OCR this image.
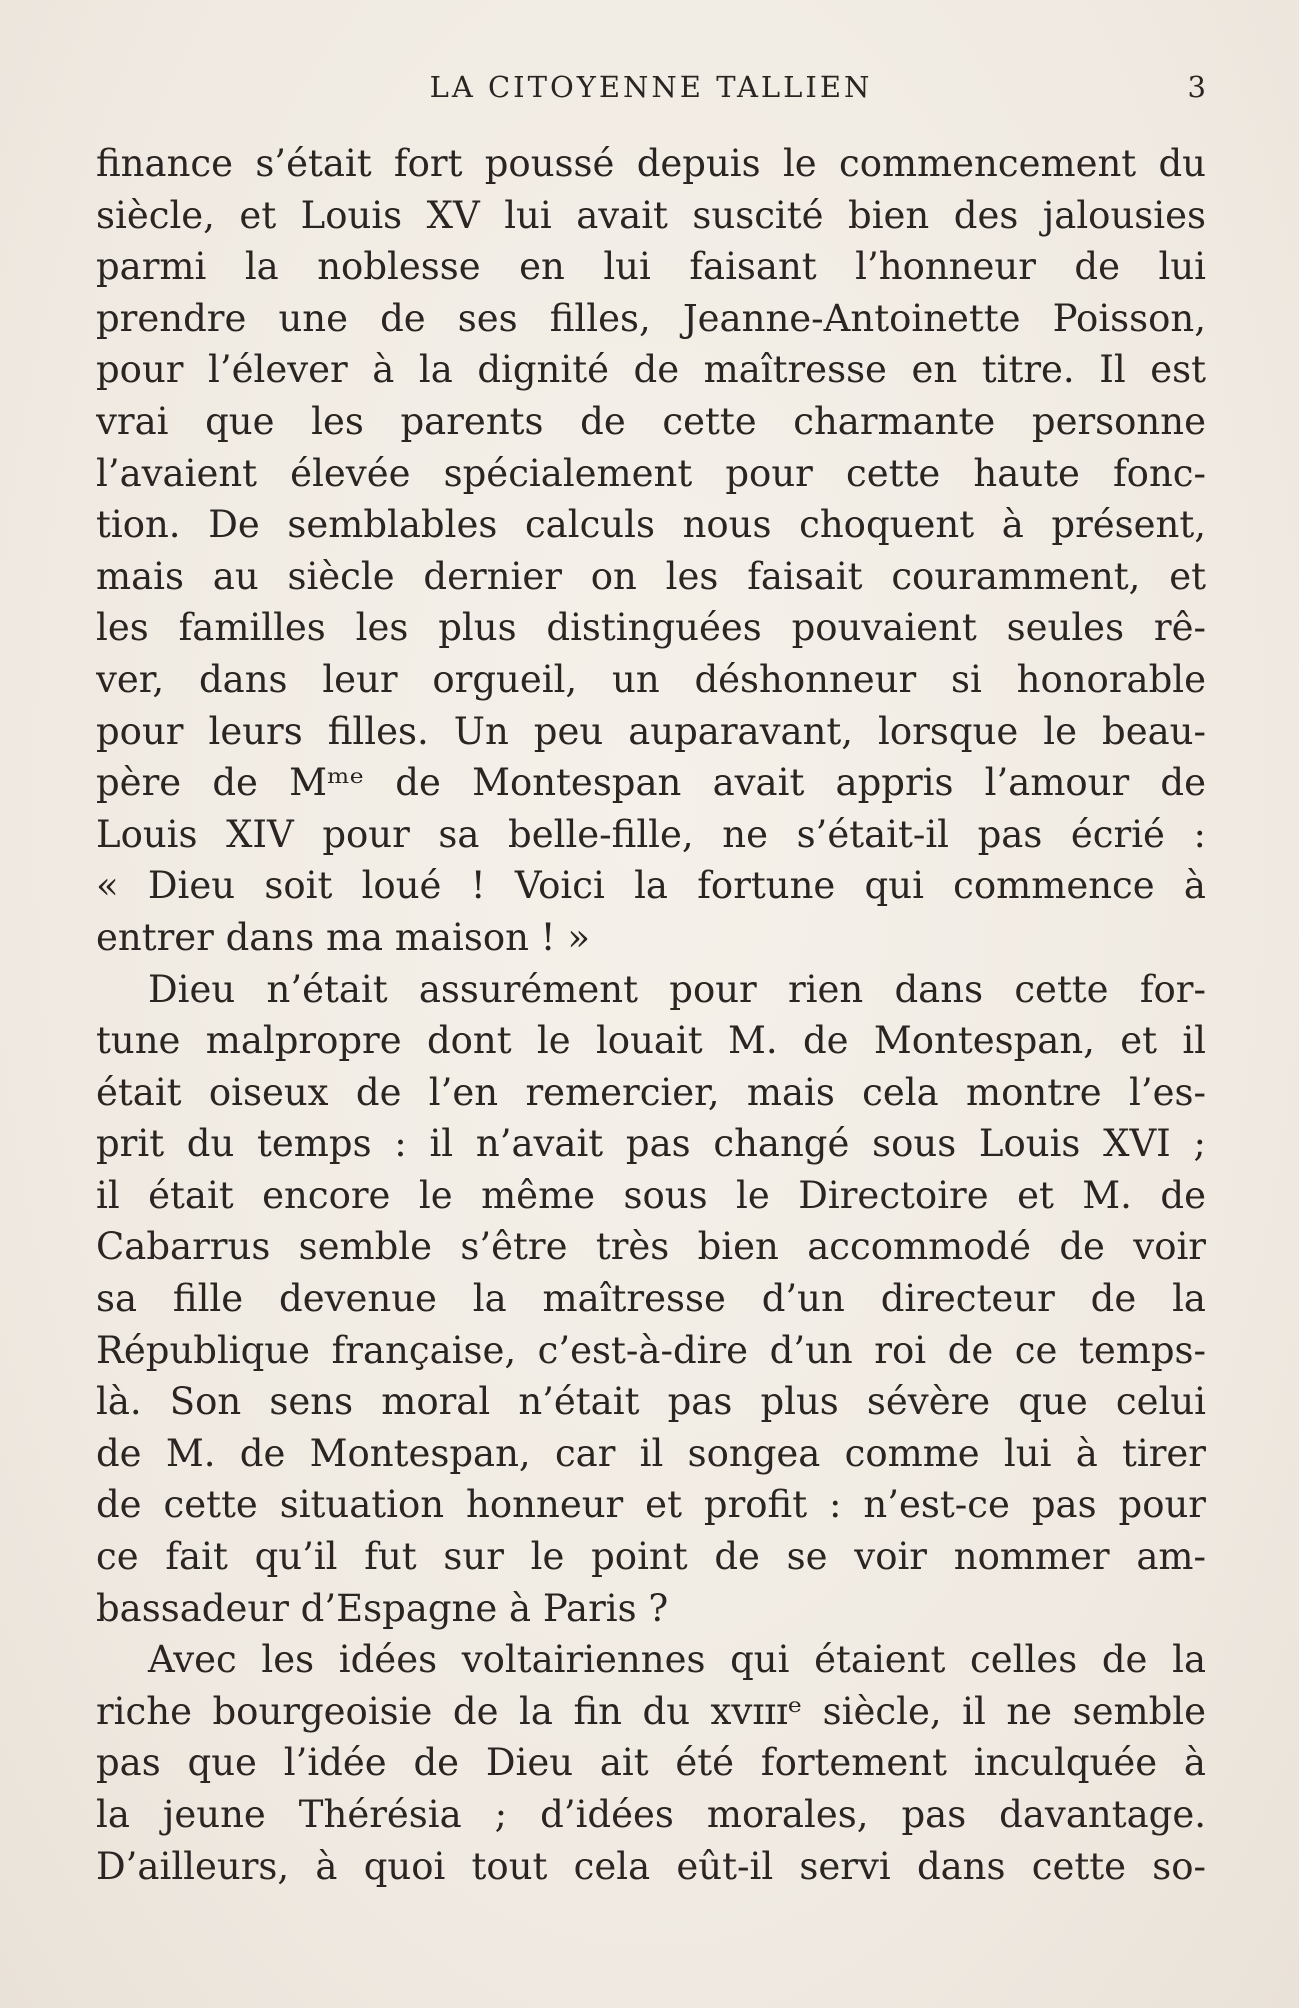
LA CITOYENNE TALLIEN	3
finance s’était fort poussé depuis le commencement du
siècle, et Louis XV lui avait suscité bien des jalousies
parmi la noblesse en lui faisant l’honneur de lui
prendre une de ses filles, Jeanne-Antoinette Poisson,
pour l’élever à la dignité de maîtresse en titre. Il est
vrai que les parents de cette charmante personne
l’avaient élevée spécialement pour cette haute fonc-
tion. De semblables calculs nous choquent à présent,
mais au siècle dernier on les faisait couramment, et
les familles les plus distinguées pouvaient seules rê-
ver, dans leur orgueil, un déshonneur si honorable
pour leurs filles. Un peu auparavant, lorsque le beau-
père de Mᵐᵉ de Montespan avait appris l’amour de
Louis XIV pour sa belle-fille, ne s’était-il pas écrié :
« Dieu soit loué ! Voici la fortune qui commence à
entrer dans ma maison ! »
Dieu n’était assurément pour rien dans cette for-
tune malpropre dont le louait M. de Montespan, et il
était oiseux de l’en remercier, mais cela montre l’es-
prit du temps : il n’avait pas changé sous Louis XVI ;
il était encore le même sous le Directoire et M. de
Cabarrus semble s’être très bien accommodé de voir
sa fille devenue la maîtresse d’un directeur de la
République française, c’est-à-dire d’un roi de ce temps-
là. Son sens moral n’était pas plus sévère que celui
de M. de Montespan, car il songea comme lui à tirer
de cette situation honneur et profit : n’est-ce pas pour
ce fait qu’il fut sur le point de se voir nommer am-
bassadeur d’Espagne à Paris ?
Avec les idées voltairiennes qui étaient celles de la
riche bourgeoisie de la fin du xᴠɪɪɪᵉ siècle, il ne semble
pas que l’idée de Dieu ait été fortement inculquée à
la jeune Thérésia ; d’idées morales, pas davantage.
D’ailleurs, à quoi tout cela eût-il servi dans cette so-
